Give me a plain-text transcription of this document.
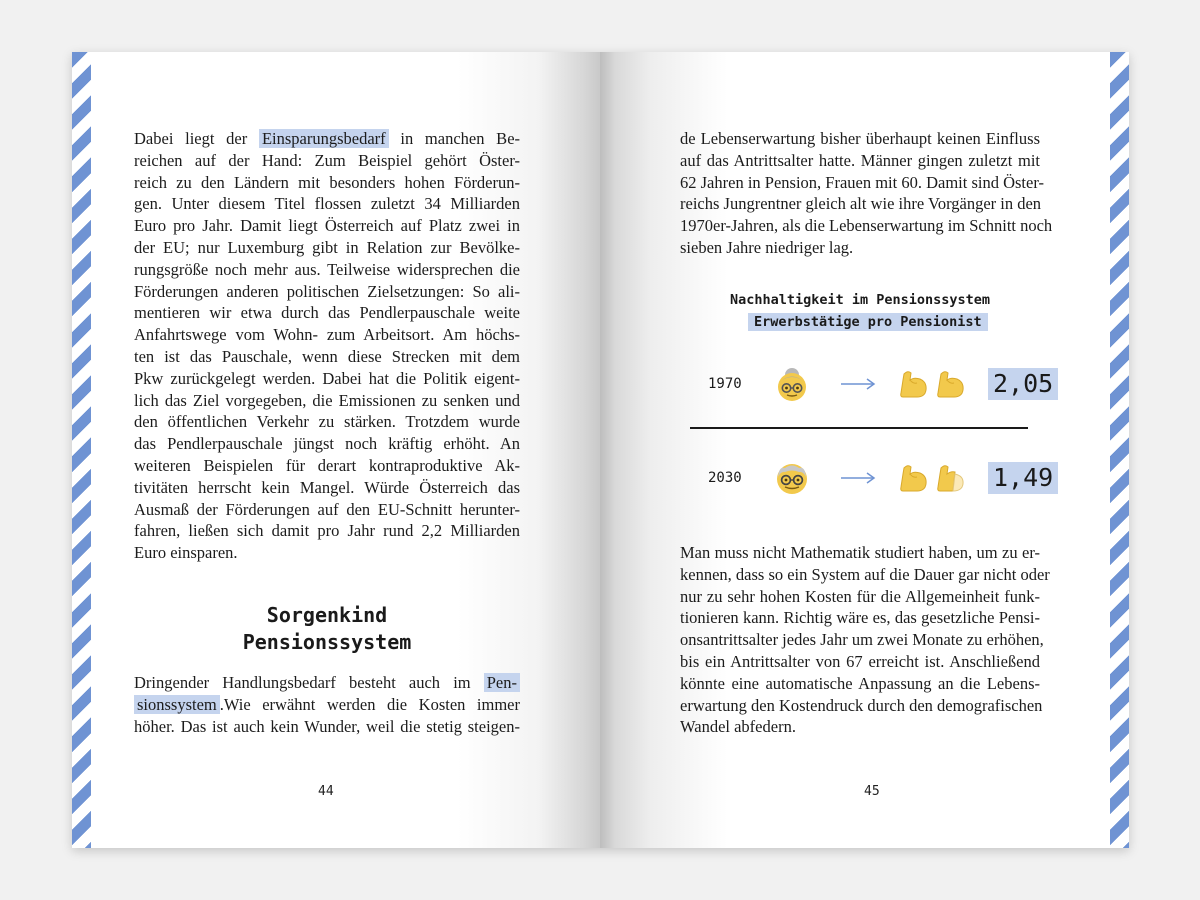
Dabei liegt der Einsparungsbedarf in manchen Be-
reichen auf der Hand: Zum Beispiel gehört Öster-
reich zu den Ländern mit besonders hohen Förderun-
gen. Unter diesem Titel flossen zuletzt 34 Milliarden
Euro pro Jahr. Damit liegt Österreich auf Platz zwei in
der EU; nur Luxemburg gibt in Relation zur Bevölke-
rungsgröße noch mehr aus. Teilweise widersprechen die
Förderungen anderen politischen Zielsetzungen: So ali-
mentieren wir etwa durch das Pendlerpauschale weite
Anfahrtswege vom Wohn- zum Arbeitsort. Am höchs-
ten ist das Pauschale, wenn diese Strecken mit dem
Pkw zurückgelegt werden. Dabei hat die Politik eigent-
lich das Ziel vorgegeben, die Emissionen zu senken und
den öffentlichen Verkehr zu stärken. Trotzdem wurde
das Pendlerpauschale jüngst noch kräftig erhöht. An
weiteren Beispielen für derart kontraproduktive Ak-
tivitäten herrscht kein Mangel. Würde Österreich das
Ausmaß der Förderungen auf den EU-Schnitt herunter-
fahren, ließen sich damit pro Jahr rund 2,2 Milliarden
Euro einsparen.
Sorgenkind
Pensionssystem
Dringender Handlungsbedarf besteht auch im Pen-
sionssystem .Wie erwähnt werden die Kosten immer
höher. Das ist auch kein Wunder, weil die stetig steigen-
44
de Lebenserwartung bisher überhaupt keinen Einfluss
auf das Antrittsalter hatte. Männer gingen zuletzt mit
62 Jahren in Pension, Frauen mit 60. Damit sind Öster-
reichs Jungrentner gleich alt wie ihre Vorgänger in den
1970er-Jahren, als die Lebenserwartung im Schnitt noch
sieben Jahre niedriger lag.
Nachhaltigkeit im Pensionssystem
Erwerbstätige pro Pensionist
1970	2,05
2030	1,49
Man muss nicht Mathematik studiert haben, um zu er-
kennen, dass so ein System auf die Dauer gar nicht oder
nur zu sehr hohen Kosten für die Allgemeinheit funk-
tionieren kann. Richtig wäre es, das gesetzliche Pensi-
onsantrittsalter jedes Jahr um zwei Monate zu erhöhen,
bis ein Antrittsalter von 67 erreicht ist. Anschließend
könnte eine automatische Anpassung an die Lebens-
erwartung den Kostendruck durch den demografischen
Wandel abfedern.
45
